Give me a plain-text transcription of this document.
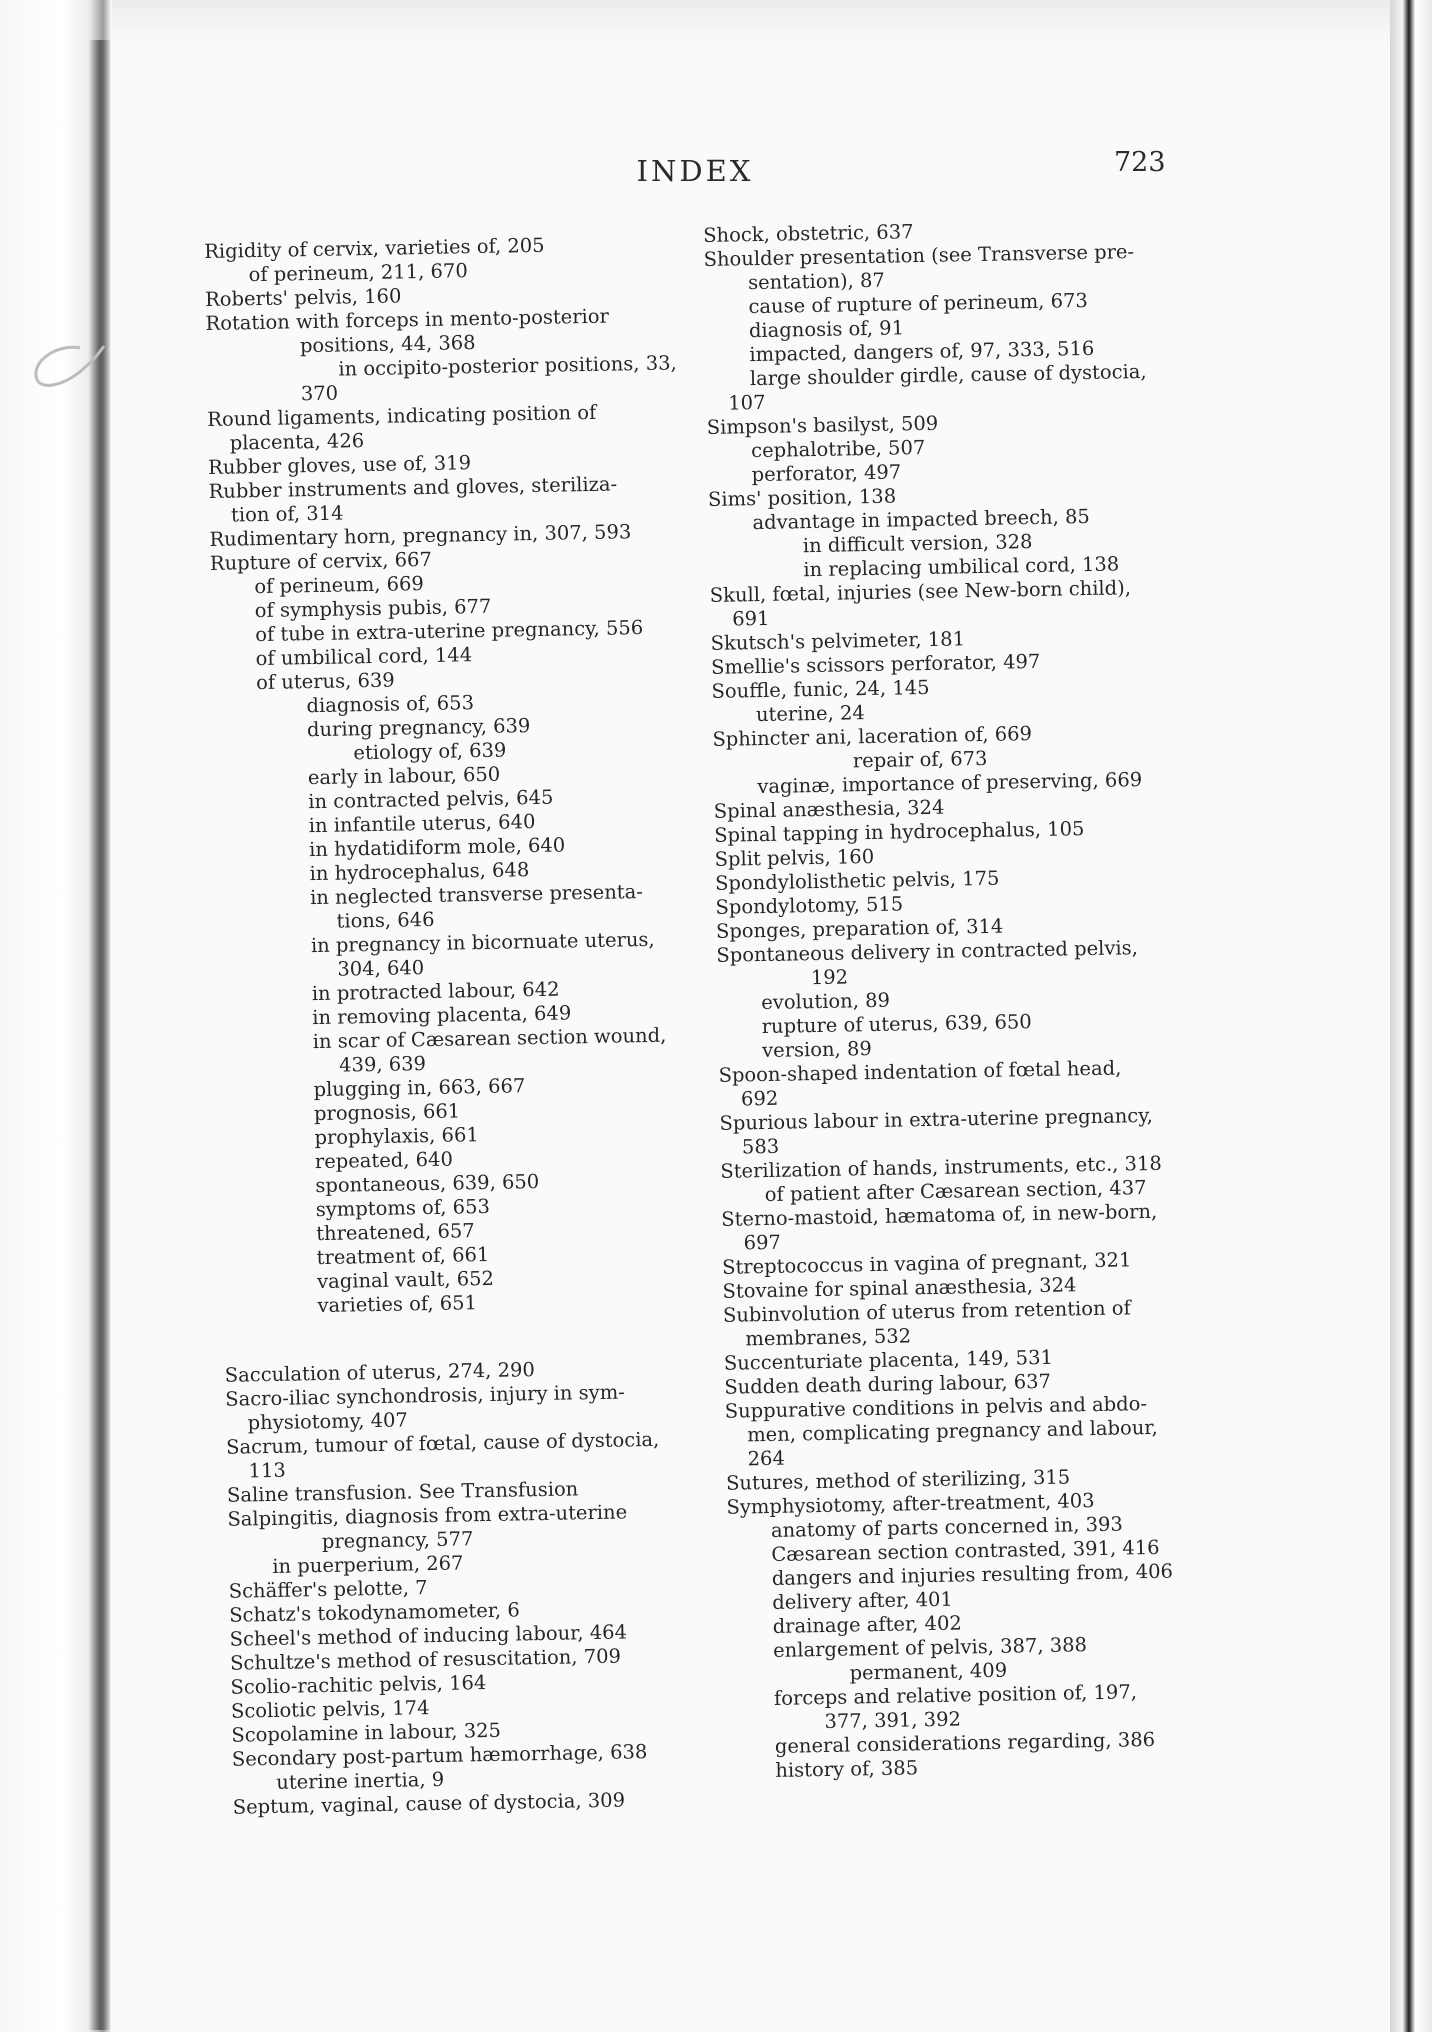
INDEX	723
Rigidity of cervix, varieties of, 205
of perineum, 211, 670
Roberts' pelvis, 160
Rotation with forceps in mento-posterior
positions, 44, 368
in occipito-posterior positions, 33,
370
Round ligaments, indicating position of
placenta, 426
Rubber gloves, use of, 319
Rubber instruments and gloves, steriliza-
tion of, 314
Rudimentary horn, pregnancy in, 307, 593
Rupture of cervix, 667
of perineum, 669
of symphysis pubis, 677
of tube in extra-uterine pregnancy, 556
of umbilical cord, 144
of uterus, 639
diagnosis of, 653
during pregnancy, 639
etiology of, 639
early in labour, 650
in contracted pelvis, 645
in infantile uterus, 640
in hydatidiform mole, 640
in hydrocephalus, 648
in neglected transverse presenta-
tions, 646
in pregnancy in bicornuate uterus,
304, 640
in protracted labour, 642
in removing placenta, 649
in scar of Cæsarean section wound,
439, 639
plugging in, 663, 667
prognosis, 661
prophylaxis, 661
repeated, 640
spontaneous, 639, 650
symptoms of, 653
threatened, 657
treatment of, 661
vaginal vault, 652
varieties of, 651
Sacculation of uterus, 274, 290
Sacro-iliac synchondrosis, injury in sym-
physiotomy, 407
Sacrum, tumour of fœtal, cause of dystocia,
113
Saline transfusion. See Transfusion
Salpingitis, diagnosis from extra-uterine
pregnancy, 577
in puerperium, 267
Schäffer's pelotte, 7
Schatz's tokodynamometer, 6
Scheel's method of inducing labour, 464
Schultze's method of resuscitation, 709
Scolio-rachitic pelvis, 164
Scoliotic pelvis, 174
Scopolamine in labour, 325
Secondary post-partum hæmorrhage, 638
uterine inertia, 9
Septum, vaginal, cause of dystocia, 309
Shock, obstetric, 637
Shoulder presentation (see Transverse pre-
sentation), 87
cause of rupture of perineum, 673
diagnosis of, 91
impacted, dangers of, 97, 333, 516
large shoulder girdle, cause of dystocia,
107
Simpson's basilyst, 509
cephalotribe, 507
perforator, 497
Sims' position, 138
advantage in impacted breech, 85
in difficult version, 328
in replacing umbilical cord, 138
Skull, fœtal, injuries (see New-born child),
691
Skutsch's pelvimeter, 181
Smellie's scissors perforator, 497
Souffle, funic, 24, 145
uterine, 24
Sphincter ani, laceration of, 669
repair of, 673
vaginæ, importance of preserving, 669
Spinal anæsthesia, 324
Spinal tapping in hydrocephalus, 105
Split pelvis, 160
Spondylolisthetic pelvis, 175
Spondylotomy, 515
Sponges, preparation of, 314
Spontaneous delivery in contracted pelvis,
192
evolution, 89
rupture of uterus, 639, 650
version, 89
Spoon-shaped indentation of fœtal head,
692
Spurious labour in extra-uterine pregnancy,
583
Sterilization of hands, instruments, etc., 318
of patient after Cæsarean section, 437
Sterno-mastoid, hæmatoma of, in new-born,
697
Streptococcus in vagina of pregnant, 321
Stovaine for spinal anæsthesia, 324
Subinvolution of uterus from retention of
membranes, 532
Succenturiate placenta, 149, 531
Sudden death during labour, 637
Suppurative conditions in pelvis and abdo-
men, complicating pregnancy and labour,
264
Sutures, method of sterilizing, 315
Symphysiotomy, after-treatment, 403
anatomy of parts concerned in, 393
Cæsarean section contrasted, 391, 416
dangers and injuries resulting from, 406
delivery after, 401
drainage after, 402
enlargement of pelvis, 387, 388
permanent, 409
forceps and relative position of, 197,
377, 391, 392
general considerations regarding, 386
history of, 385
